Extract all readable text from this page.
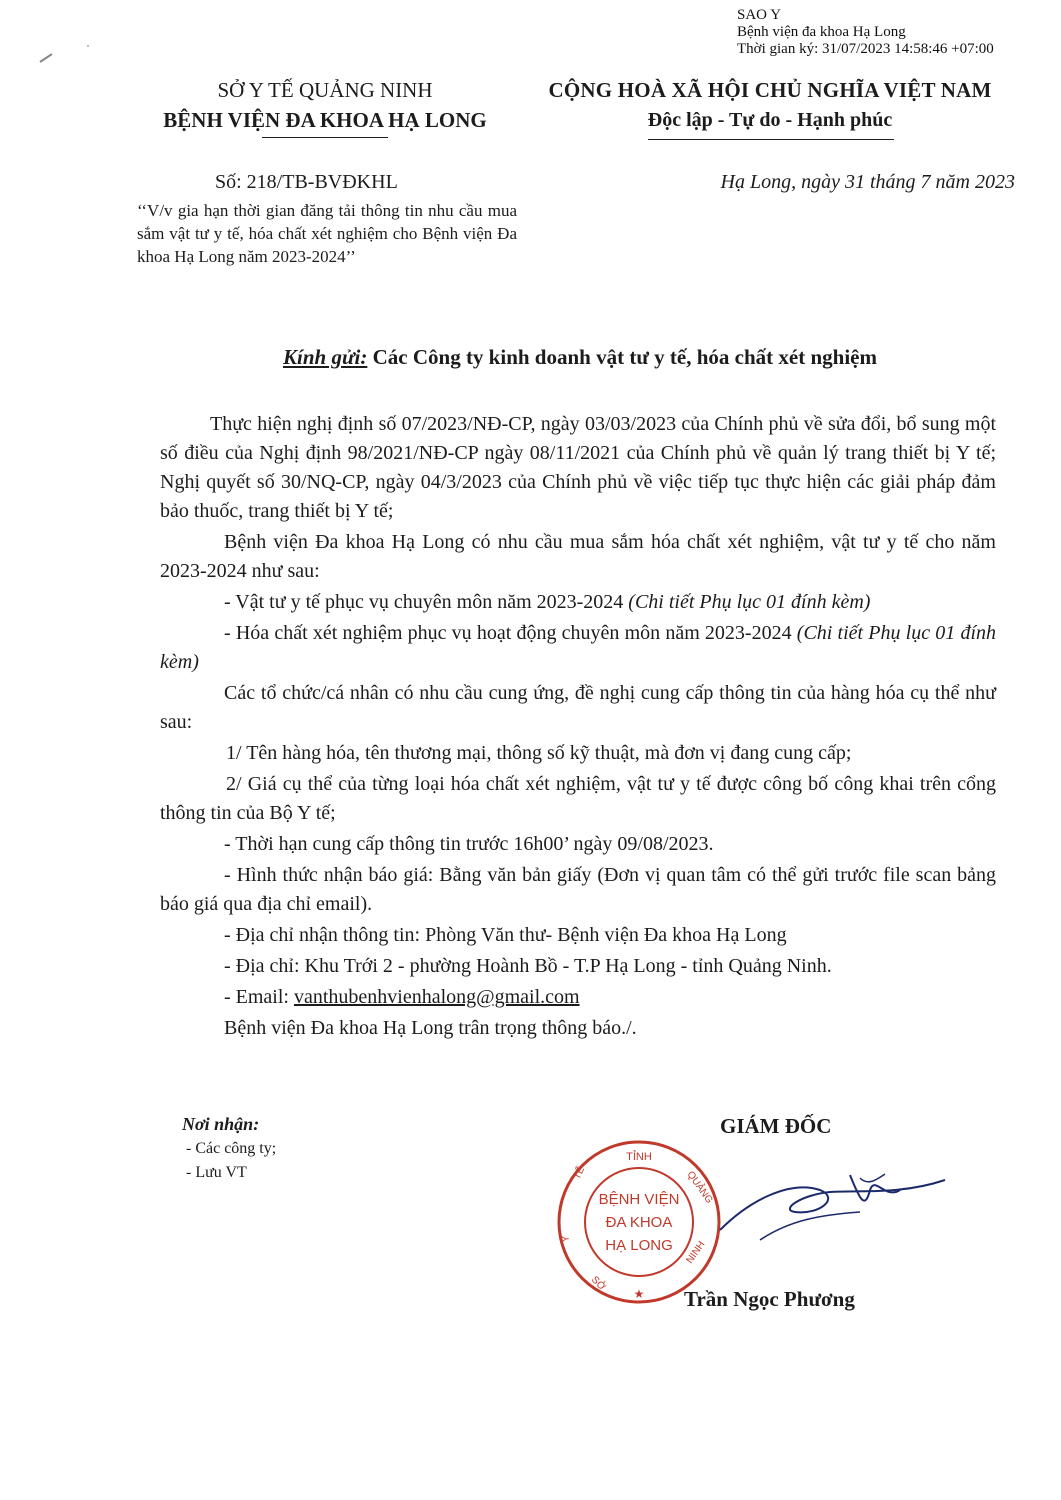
SAO Y
Bệnh viện đa khoa Hạ Long
Thời gian ký: 31/07/2023 14:58:46 +07:00
SỞ Y TẾ QUẢNG NINH
BỆNH VIỆN ĐA KHOA HẠ LONG
CỘNG HOÀ XÃ HỘI CHỦ NGHĨA VIỆT NAM
Độc lập - Tự do - Hạnh phúc
Số: 218/TB-BVĐKHL	Hạ Long, ngày 31 tháng 7 năm 2023
‘‘V/v gia hạn thời gian đăng tải thông tin nhu cầu mua sắm vật tư y tế, hóa chất xét nghiệm cho Bệnh viện Đa khoa Hạ Long năm 2023-2024’’
Kính gửi: Các Công ty kinh doanh vật tư y tế, hóa chất xét nghiệm

Thực hiện nghị định số 07/2023/NĐ-CP, ngày 03/03/2023 của Chính phủ về sửa đổi, bổ sung một số điều của Nghị định 98/2021/NĐ-CP ngày 08/11/2021 của Chính phủ về quản lý trang thiết bị Y tế; Nghị quyết số 30/NQ-CP, ngày 04/3/2023 của Chính phủ về việc tiếp tục thực hiện các giải pháp đảm bảo thuốc, trang thiết bị Y tế;

Bệnh viện Đa khoa Hạ Long có nhu cầu mua sắm hóa chất xét nghiệm, vật tư y tế cho năm 2023-2024 như sau:

- Vật tư y tế phục vụ chuyên môn năm 2023-2024 (Chi tiết Phụ lục 01 đính kèm)

- Hóa chất xét nghiệm phục vụ hoạt động chuyên môn năm 2023-2024 (Chi tiết Phụ lục 01 đính kèm)

Các tổ chức/cá nhân có nhu cầu cung ứng, đề nghị cung cấp thông tin của hàng hóa cụ thể như sau:

1/ Tên hàng hóa, tên thương mại, thông số kỹ thuật, mà đơn vị đang cung cấp;

2/ Giá cụ thể của từng loại hóa chất xét nghiệm, vật tư y tế được công bố công khai trên cổng thông tin của Bộ Y tế;

- Thời hạn cung cấp thông tin trước 16h00’ ngày 09/08/2023.

- Hình thức nhận báo giá: Bằng văn bản giấy (Đơn vị quan tâm có thể gửi trước file scan bảng báo giá qua địa chỉ email).

- Địa chỉ nhận thông tin: Phòng Văn thư- Bệnh viện Đa khoa Hạ Long

- Địa chỉ: Khu Trới 2 - phường Hoành Bồ - T.P Hạ Long - tỉnh Quảng Ninh.

- Email: vanthubenhvienhalong@gmail.com

Bệnh viện Đa khoa Hạ Long trân trọng thông báo./.

Nơi nhận:
- Các công ty;
- Lưu VT
GIÁM ĐỐC
Trần Ngọc Phương
BỆNH VIỆN
ĐA KHOA
HẠ LONG
TỈNH
QUẢNG
NINH
TẾ
Y
SỞ
★
